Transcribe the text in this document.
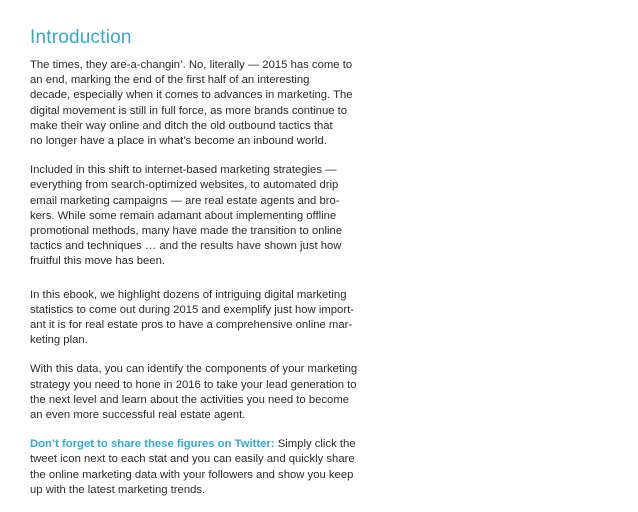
Introduction

The times, they are-a-changin’. No, literally — 2015 has come to
an end, marking the end of the first half of an interesting
decade, especially when it comes to advances in marketing. The
digital movement is still in full force, as more brands continue to
make their way online and ditch the old outbound tactics that
no longer have a place in what’s become an inbound world.

Included in this shift to internet-based marketing strategies —
everything from search-optimized websites, to automated drip
email marketing campaigns — are real estate agents and bro-
kers. While some remain adamant about implementing offline
promotional methods, many have made the transition to online
tactics and techniques … and the results have shown just how
fruitful this move has been.

In this ebook, we highlight dozens of intriguing digital marketing
statistics to come out during 2015 and exemplify just how import-
ant it is for real estate pros to have a comprehensive online mar-
keting plan.

With this data, you can identify the components of your marketing
strategy you need to hone in 2016 to take your lead generation to
the next level and learn about the activities you need to become
an even more successful real estate agent.

Don’t forget to share these figures on Twitter: Simply click the
tweet icon next to each stat and you can easily and quickly share
the online marketing data with your followers and show you keep
up with the latest marketing trends.
